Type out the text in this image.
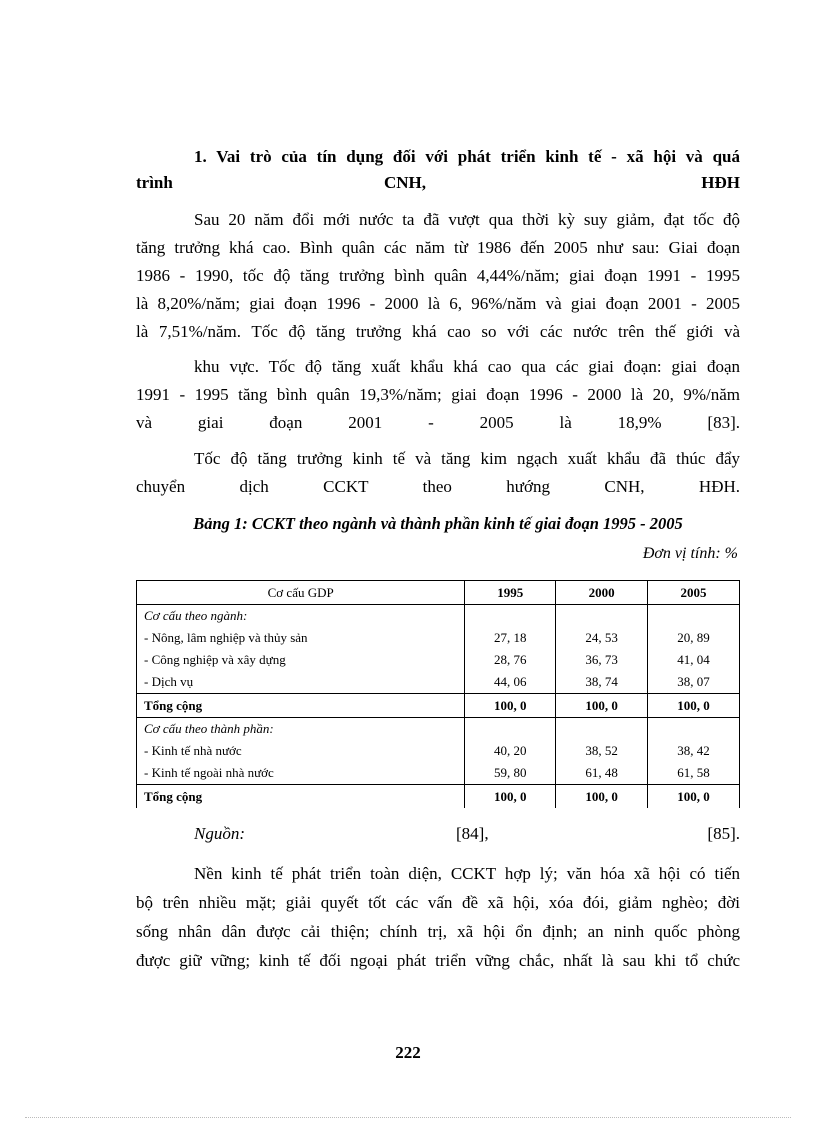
1. Vai trò của tín dụng đối với phát triển kinh tế - xã hội và quá
trình	CNH,	HĐH
Sau 20 năm đổi mới nước ta đã vượt qua thời kỳ suy giảm, đạt tốc độ
tăng trưởng khá cao. Bình quân các năm từ 1986 đến 2005 như sau: Giai đoạn
1986 - 1990, tốc độ tăng trưởng bình quân 4,44%/năm; giai đoạn 1991 - 1995
là 8,20%/năm; giai đoạn 1996 - 2000 là 6, 96%/năm và giai đoạn 2001 - 2005
là 7,51%/năm. Tốc độ tăng trưởng khá cao so với các nước trên thế giới và
khu vực. Tốc độ tăng xuất khẩu khá cao qua các giai đoạn: giai đoạn
1991 - 1995 tăng bình quân 19,3%/năm; giai đoạn 1996 - 2000 là 20, 9%/năm
và giai đoạn 2001 - 2005 là 18,9% [83].
Tốc độ tăng trưởng kinh tế và tăng kim ngạch xuất khẩu đã thúc đẩy
chuyển dịch CCKT theo hướng CNH, HĐH.
Bảng 1: CCKT theo ngành và thành phần kinh tế giai đoạn 1995 - 2005
Đơn vị tính: %
Cơ cấu GDP	1995	2000	2005
Cơ cấu theo ngành:			
- Nông, lâm nghiệp và thủy sản	27, 18	24, 53	20, 89
- Công nghiệp và xây dựng	28, 76	36, 73	41, 04
- Dịch vụ	44, 06	38, 74	38, 07
Tổng cộng	100, 0	100, 0	100, 0
Cơ cấu theo thành phần:			
- Kinh tế nhà nước	40, 20	38, 52	38, 42
- Kinh tế ngoài nhà nước	59, 80	61, 48	61, 58
Tổng cộng	100, 0	100, 0	100, 0
Nguồn:	[84],	[85].
Nền kinh tế phát triển toàn diện, CCKT hợp lý; văn hóa xã hội có tiến
bộ trên nhiều mặt; giải quyết tốt các vấn đề xã hội, xóa đói, giảm nghèo; đời
sống nhân dân được cải thiện; chính trị, xã hội ổn định; an ninh quốc phòng
được giữ vững; kinh tế đối ngoại phát triển vững chắc, nhất là sau khi tổ chức
222
